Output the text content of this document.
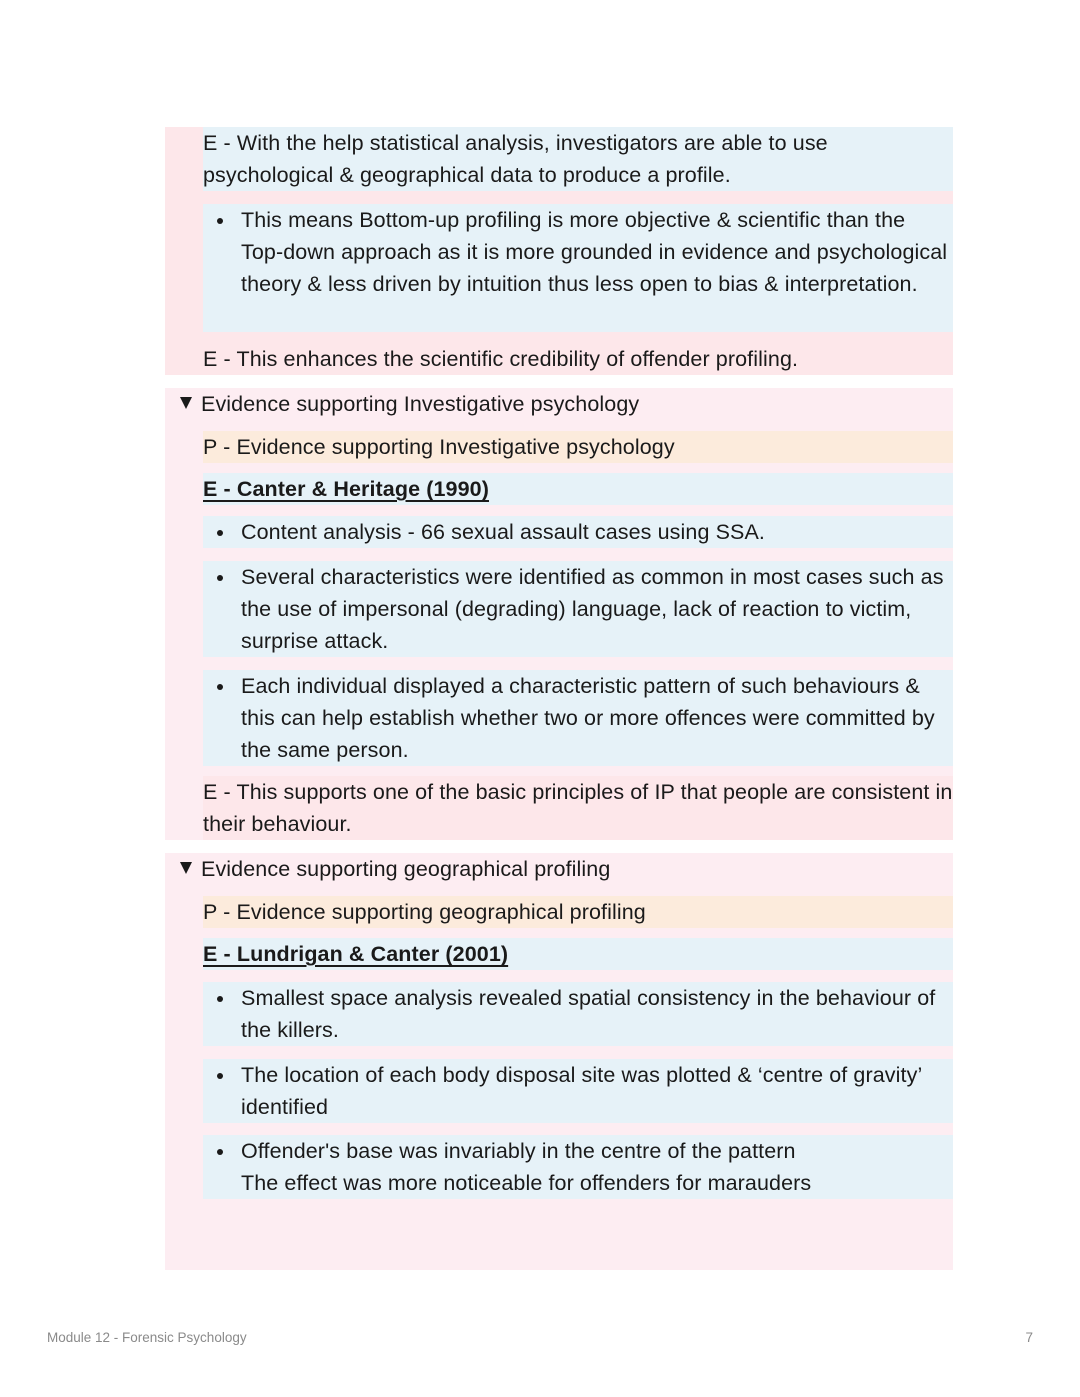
E - With the help statistical analysis, investigators are able to use psychological & geographical data to produce a profile.
This means Bottom-up profiling is more objective & scientific than the Top-down approach as it is more grounded in evidence and psychological theory & less driven by intuition thus less open to bias & interpretation.
E - This enhances the scientific credibility of offender profiling.
Evidence supporting Investigative psychology
P - Evidence supporting Investigative psychology
E - Canter & Heritage (1990)
Content analysis - 66 sexual assault cases using SSA.
Several characteristics were identified as common in most cases such as the use of impersonal (degrading) language, lack of reaction to victim, surprise attack.
Each individual displayed a characteristic pattern of such behaviours & this can help establish whether two or more offences were committed by the same person.
E - This supports one of the basic principles of IP that people are consistent in their behaviour.
Evidence supporting geographical profiling
P - Evidence supporting geographical profiling
E - Lundrigan & Canter (2001)
Smallest space analysis revealed spatial consistency in the behaviour of the killers.
The location of each body disposal site was plotted & ‘centre of gravity’ identified
Offender's base was invariably in the centre of the pattern
The effect was more noticeable for offenders for marauders
Module 12 - Forensic Psychology	7
